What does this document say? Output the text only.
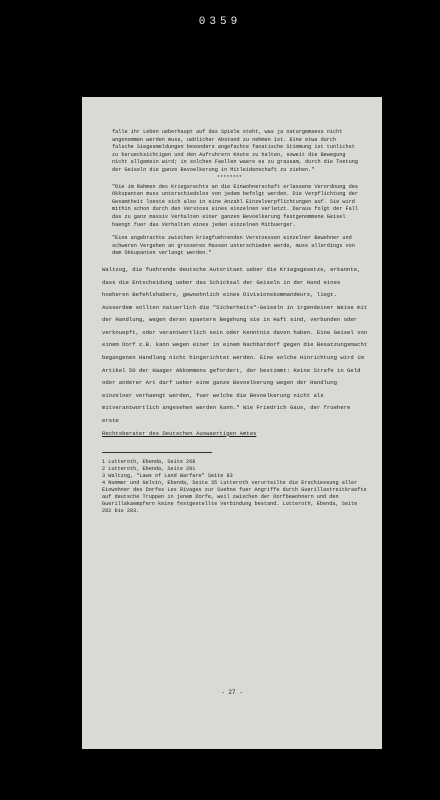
0359

falle ihr Leben ueberhaupt auf das Spiele steht, was ja naturgemaess nicht angenommen werden muss, ueblicher Abstand zu nehmen ist. Eine etwa durch falsche Siegesmeldungen besonders angefachte fanatische Stimmung ist tunlichst zu beruecksichtigen und den Aufruhrern Knute zu halten, soweit die Bewegung nicht allgemein wird; in solchen Faellen waere es zu grausam, durch die Toetung der Geiseln die ganze Bevoelkerung in Mitleidenschaft zu ziehen."

********

"Die im Rahmen des Kriegsrechts an die Einwohnerschaft erlassene Verordnung des Okkupanten muss unterschiedslos von jedem befolgt werden. Die Verpflichtung der Gesamtheit loeste sich also in eine Anzahl Einzelverpflichtungen auf. Sie wird mithin schon durch den Verstoss eines einzelnen verletzt. Daraus folgt der Fall das zu ganz massiv Verhalten einer ganzen Bevoelkerung festgenommene Geisel haengt fuer das Verhalten eines jeden einzelnen Mitbuerger.

"Eine angebrachte zwischen kriegfuehrenden Verstoessen einzelner Bewohner und schweren Vergehen an grosseren Massen unterschieden werde, muss allerdings von dem Okkupanten verlangt werden."

Waltzog, die fuehrende deutsche Autoritaet ueber die Kriegsgesetze, erkannte, dass die Entscheidung ueber das Schicksal der Geiseln in der Hand eines hoeheren Befehlshabers, gewoehnlich eines Divisionskommandeurs, liegt. Ausserdem sollten natuerlich die "Sicherheits"-Geiseln in irgendeiner Weise mit der Handlung, wegen deren spaetere Begehung sie in Haft sind, verbunden oder verknuepft, oder verantwortlich sein oder Kenntnis davon haben. Eine Geisel von einem Dorf z.B. kann wegen einer in einem Nachbardorf gegen die Besatzungsmacht begangenen Handlung nicht hingerichtet werden. Eine solche Hinrichtung wird im Artikel 50 der Haager Abkommens gefordert, der bestimmt: Keine Strafe in Geld oder anderer Art darf ueber eine ganze Bevoelkerung wegen der Handlung einzelner verhaengt werden, fuer welche die Bevoelkerung nicht als mitverantwortlich angesehen werden kann." Wie Friedrich Gaus, der fruehere erste

Rechtsberater des Deutschen Auswaertigen Amtes

1 Lutteroth, Ebenda, Seite 268

2 Lutteroth, Ebenda, Seite 281

3 Waltzog, "Laws of Land Warfare" Seite 83

4 Nummer und Gelvin, Ebenda, Seite 35 Lutteroth verurteilte die Erschiessung aller Einwohner des Dorfes Les Rivages zur Suehne fuer Angriffe durch Guerillastreitkraefte auf deutsche Truppen in jenem Dorfe, weil zwischen der Dorfbewohnern und den Guerillakaempfern keine festgestellte Verbindung bestand. Lutteroth, Ebenda, Seite 282 bis 283.

- 27 -
